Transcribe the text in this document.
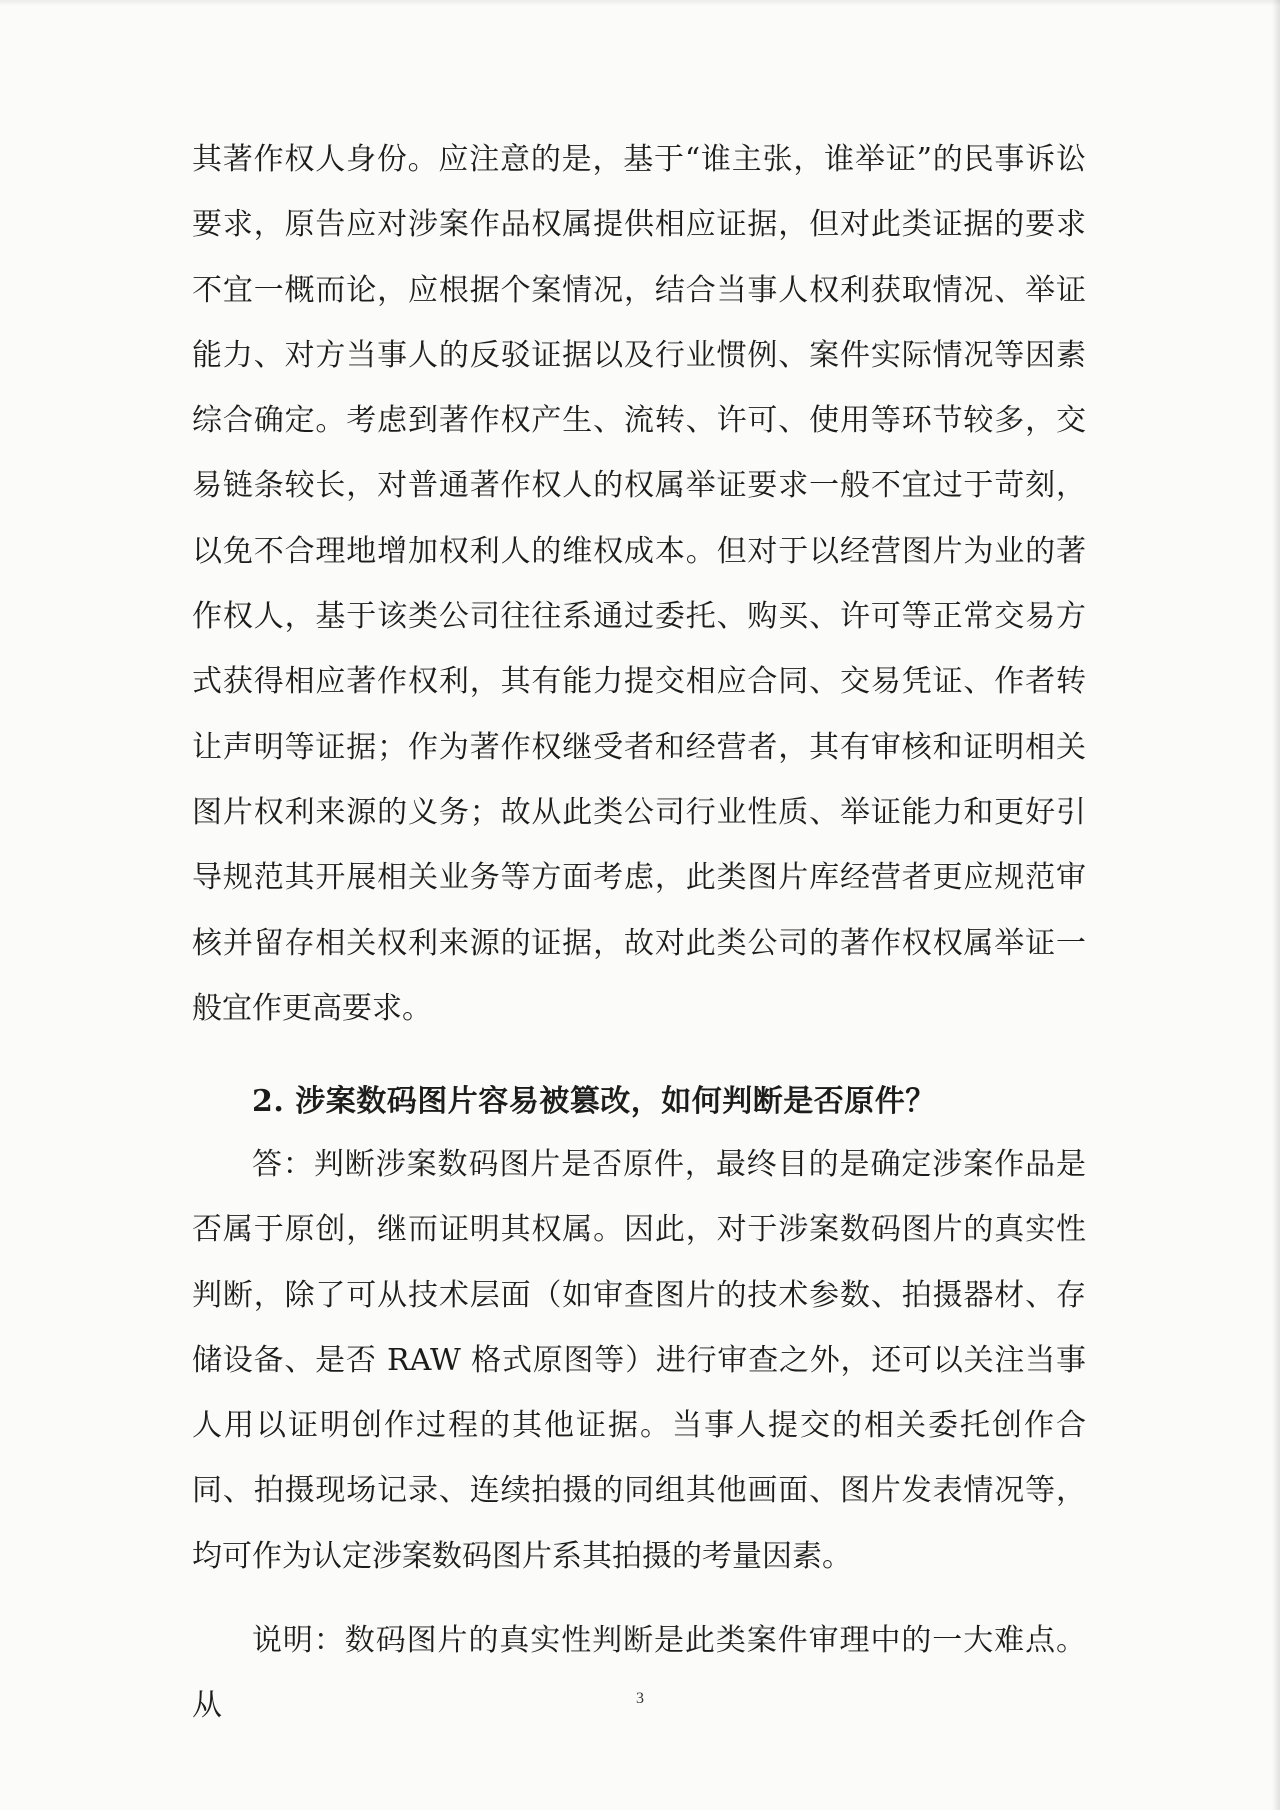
其著作权人身份。应注意的是，基于“谁主张，谁举证”的民事诉讼要求，原告应对涉案作品权属提供相应证据，但对此类证据的要求不宜一概而论，应根据个案情况，结合当事人权利获取情况、举证能力、对方当事人的反驳证据以及行业惯例、案件实际情况等因素综合确定。考虑到著作权产生、流转、许可、使用等环节较多，交易链条较长，对普通著作权人的权属举证要求一般不宜过于苛刻，以免不合理地增加权利人的维权成本。但对于以经营图片为业的著作权人，基于该类公司往往系通过委托、购买、许可等正常交易方式获得相应著作权利，其有能力提交相应合同、交易凭证、作者转让声明等证据；作为著作权继受者和经营者，其有审核和证明相关图片权利来源的义务；故从此类公司行业性质、举证能力和更好引导规范其开展相关业务等方面考虑，此类图片库经营者更应规范审核并留存相关权利来源的证据，故对此类公司的著作权权属举证一般宜作更高要求。

2. 涉案数码图片容易被篡改，如何判断是否原件？

答：判断涉案数码图片是否原件，最终目的是确定涉案作品是否属于原创，继而证明其权属。因此，对于涉案数码图片的真实性判断，除了可从技术层面（如审查图片的技术参数、拍摄器材、存储设备、是否 RAW 格式原图等）进行审查之外，还可以关注当事人用以证明创作过程的其他证据。当事人提交的相关委托创作合同、拍摄现场记录、连续拍摄的同组其他画面、图片发表情况等，均可作为认定涉案数码图片系其拍摄的考量因素。

说明：数码图片的真实性判断是此类案件审理中的一大难点。从	3
